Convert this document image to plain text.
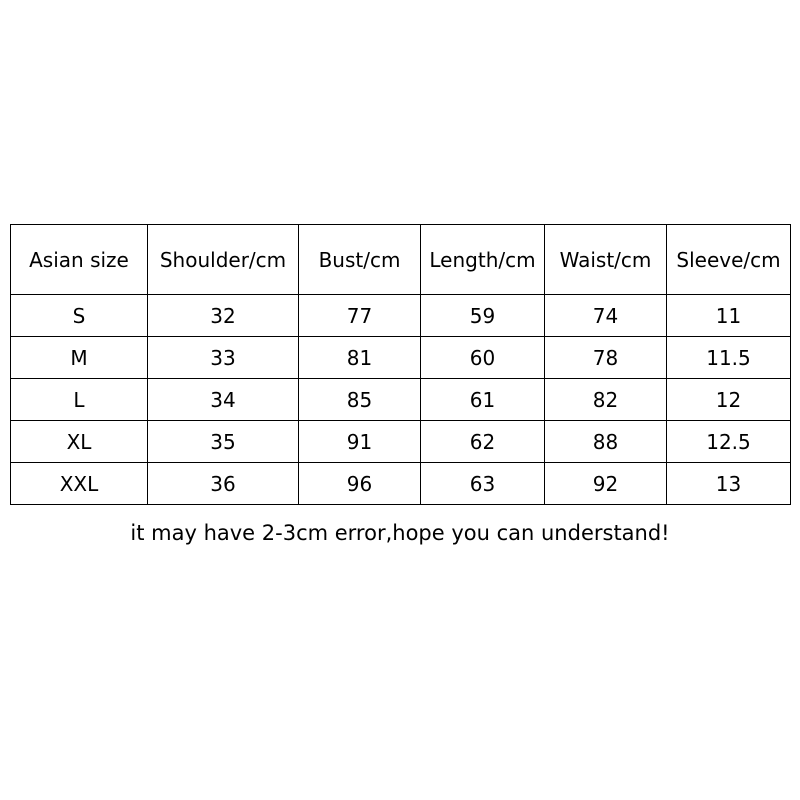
Asian size	Shoulder/cm	Bust/cm	Length/cm	Waist/cm	Sleeve/cm
S	32	77	59	74	11
M	33	81	60	78	11.5
L	34	85	61	82	12
XL	35	91	62	88	12.5
XXL	36	96	63	92	13
it may have 2-3cm error,hope you can understand!
